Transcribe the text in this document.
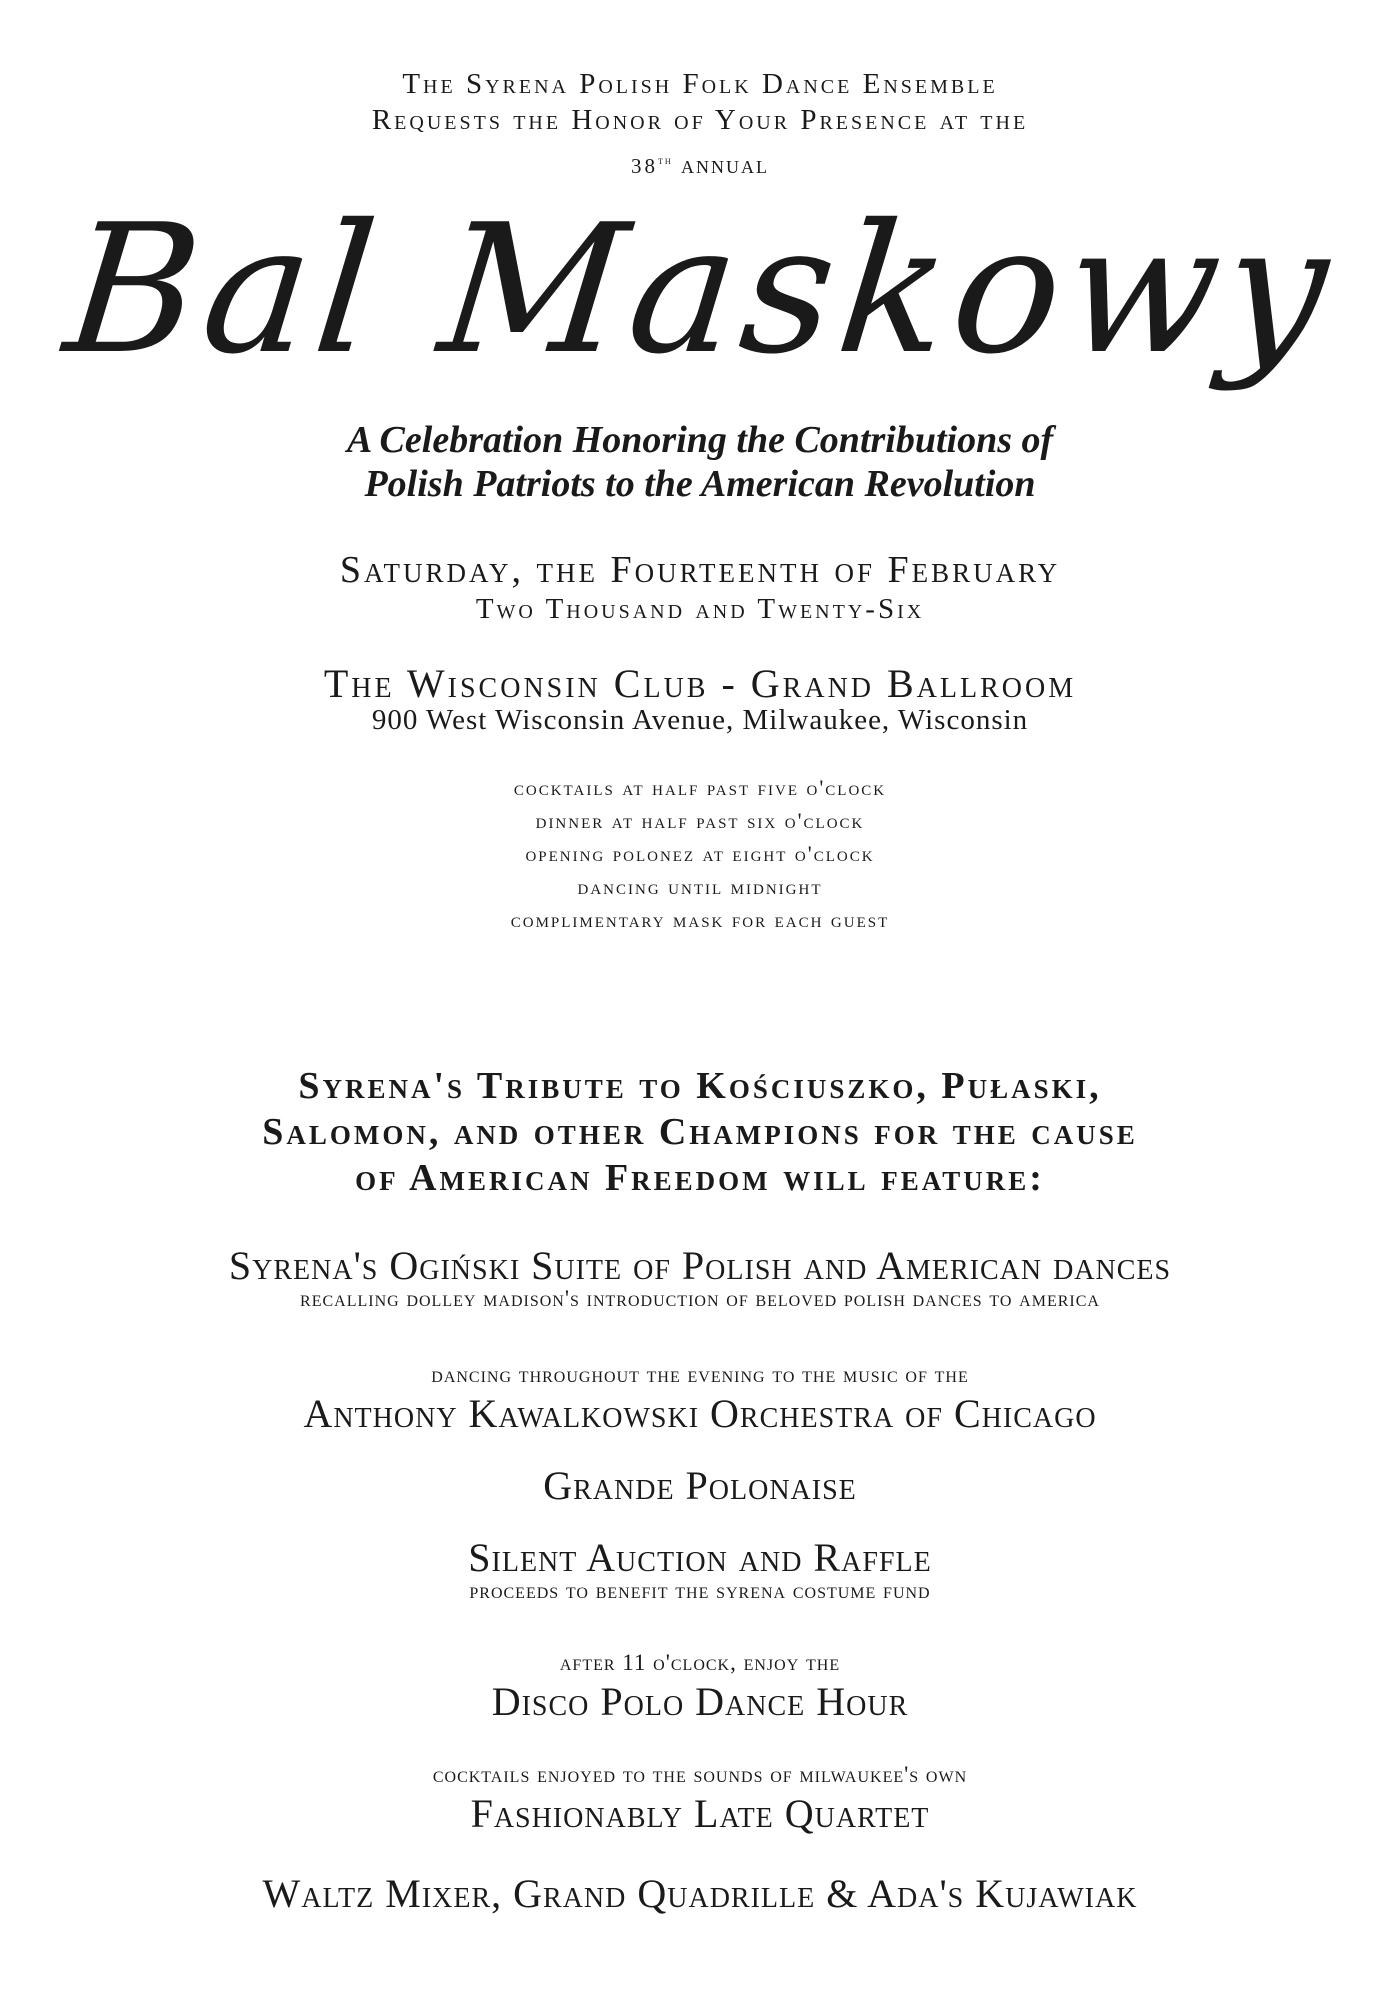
The Syrena Polish Folk Dance Ensemble
Requests the Honor of Your Presence at the
38th annual
Bal Maskowy
A Celebration Honoring the Contributions of
Polish Patriots to the American Revolution
Saturday, the Fourteenth of February
Two Thousand and Twenty-Six
The Wisconsin Club - Grand Ballroom
900 West Wisconsin Avenue, Milwaukee, Wisconsin
cocktails at half past five o'clock
dinner at half past six o'clock
opening polonez at eight o'clock
dancing until midnight
complimentary mask for each guest
Syrena's Tribute to Kościuszko, Pułaski,
Salomon, and other Champions for the cause
of American Freedom will feature:
Syrena's Ogiński Suite of Polish and American dances
recalling dolley madison's introduction of beloved polish dances to america
dancing throughout the evening to the music of the
Anthony Kawalkowski Orchestra of Chicago
Grande Polonaise
Silent Auction and Raffle
proceeds to benefit the syrena costume fund
after 11 o'clock, enjoy the
Disco Polo Dance Hour
cocktails enjoyed to the sounds of milwaukee's own
Fashionably Late Quartet
Waltz Mixer, Grand Quadrille & Ada's Kujawiak
